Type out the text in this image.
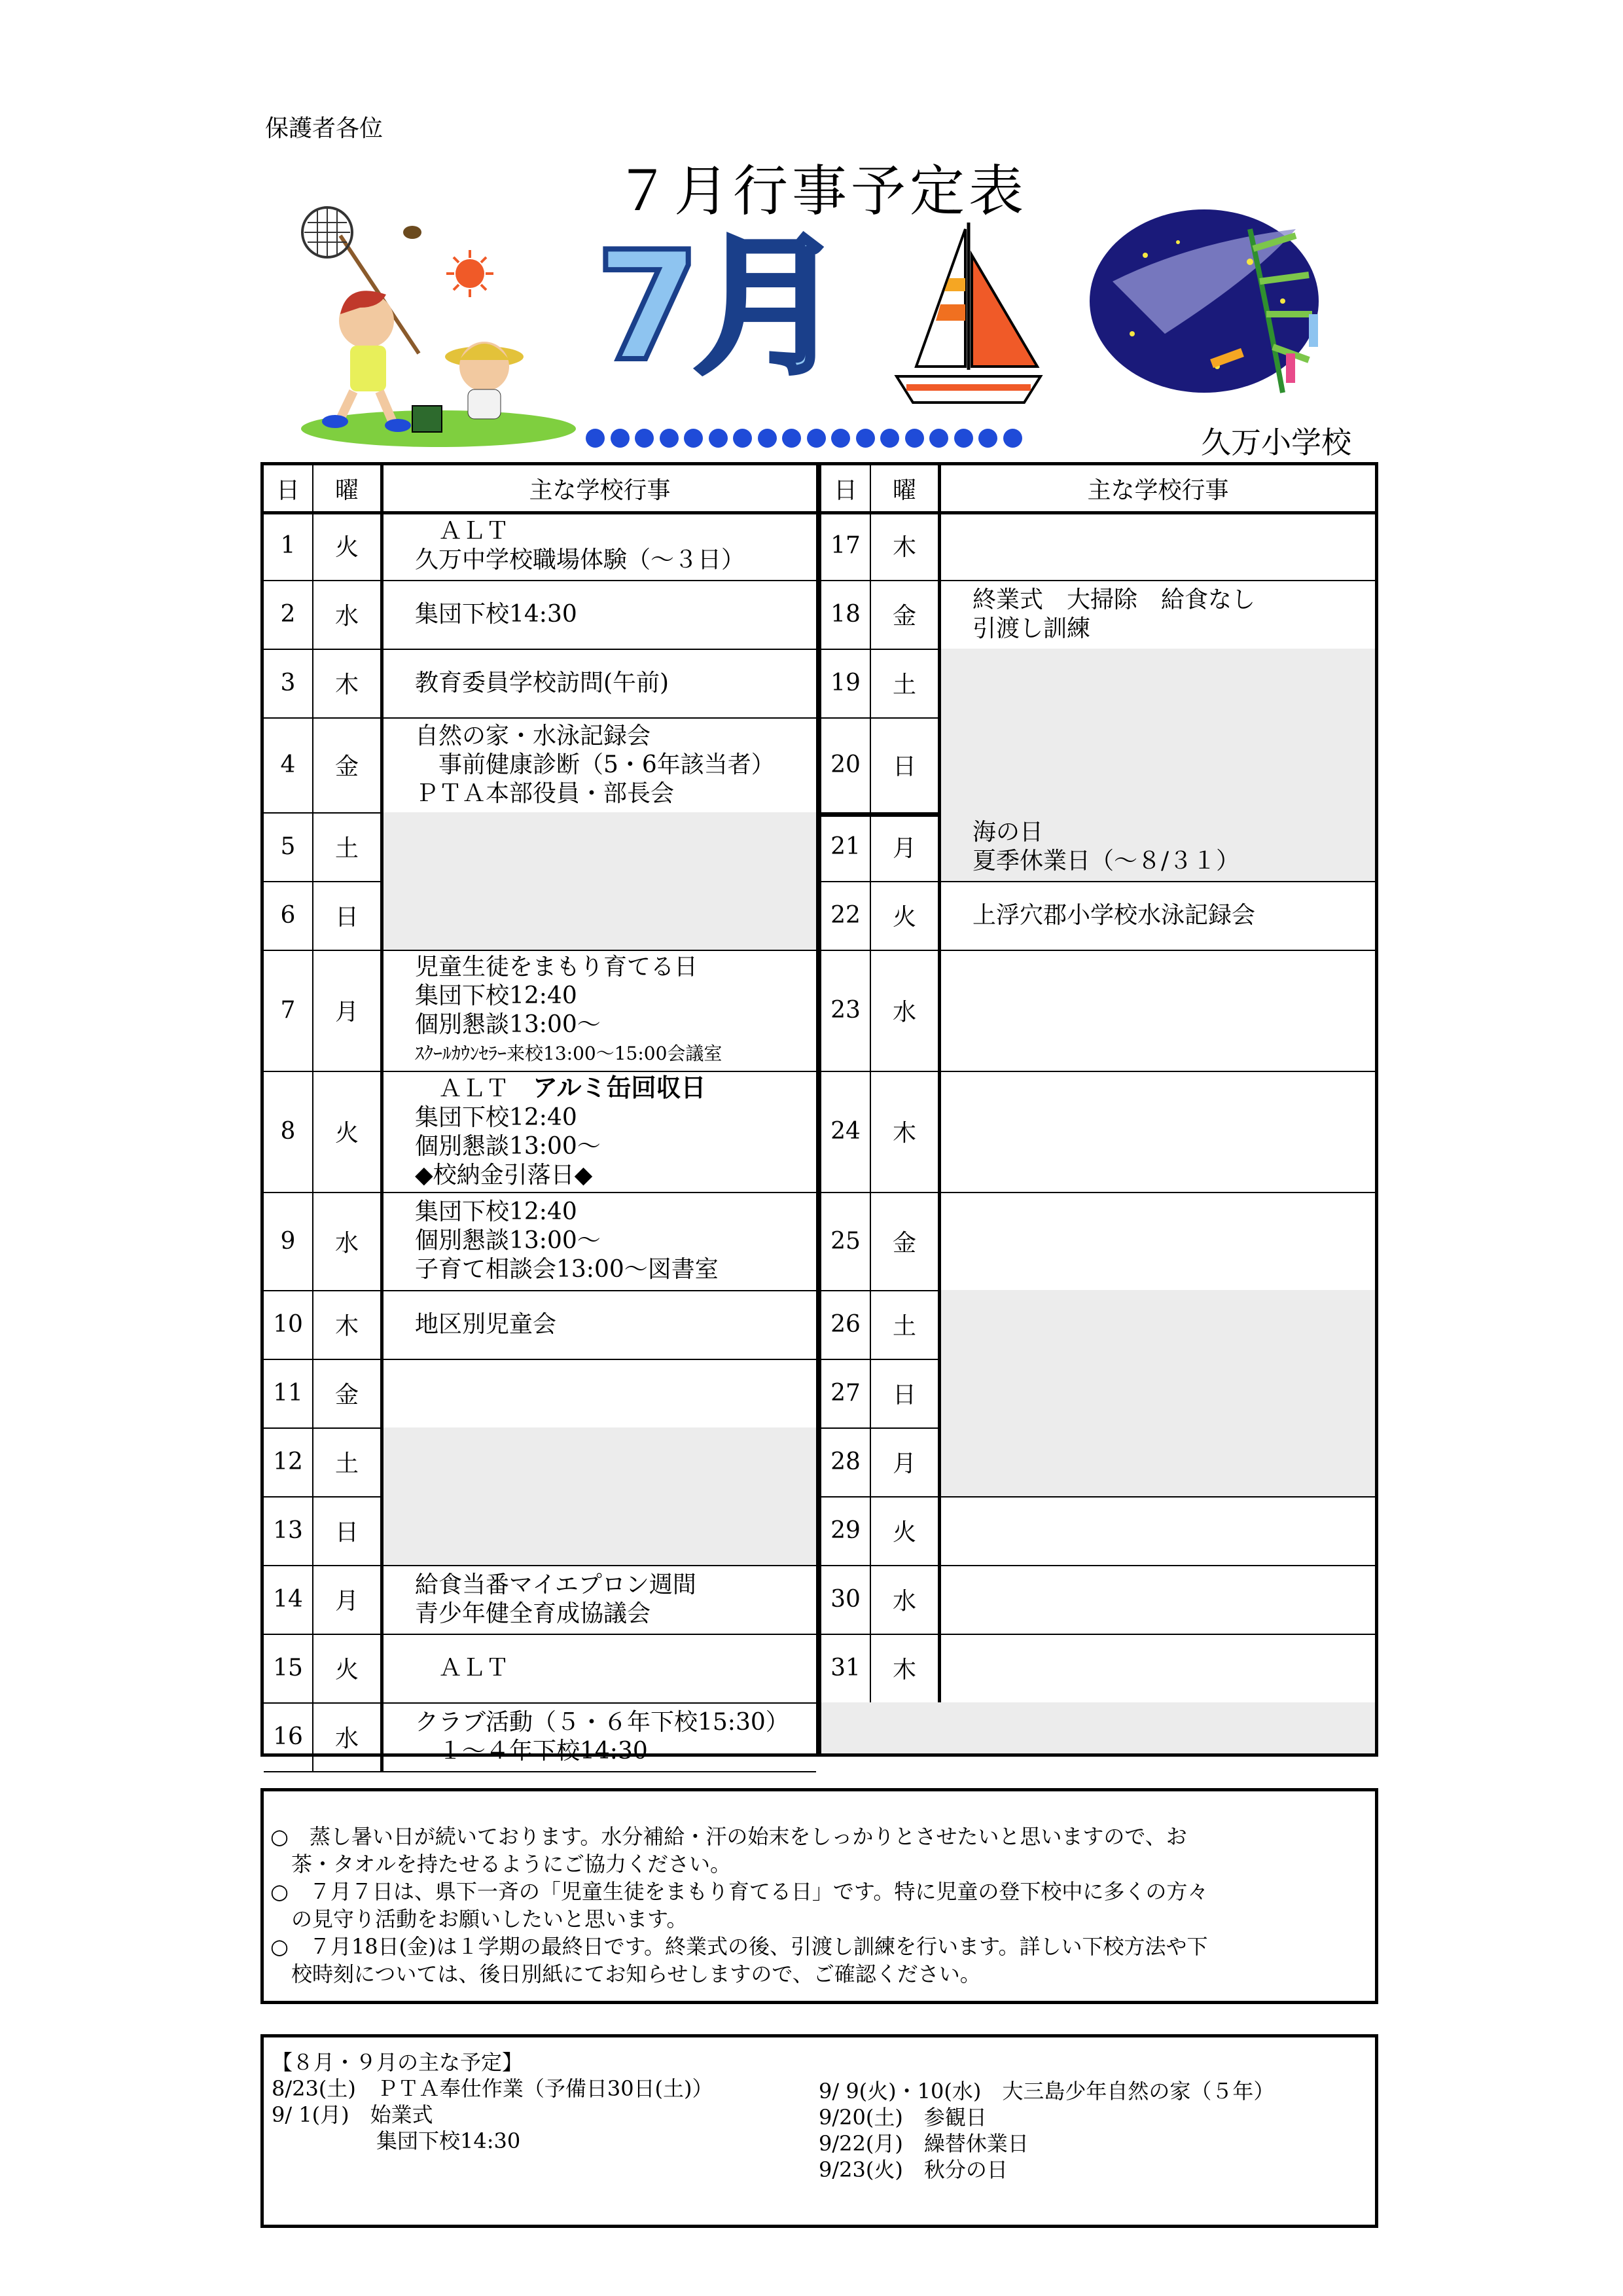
保護者各位
７月行事予定表
7月
久万小学校
日	曜	主な学校行事
1	火
　ＡＬＴ
久万中学校職場体験（～３日）
2	水	集団下校14:30
3	木	教育委員学校訪問(午前)
4	金
自然の家・水泳記録会
　事前健康診断（5・6年該当者）
ＰＴＡ本部役員・部長会
5	土
6	日
7	月
児童生徒をまもり育てる日
集団下校12:40
個別懇談13:00～
ｽｸｰﾙｶｳﾝｾﾗｰ来校13:00～15:00会議室
8	火
　ＡＬＴ アルミ缶回収日
集団下校12:40
個別懇談13:00～
◆校納金引落日◆
9	水
集団下校12:40
個別懇談13:00～
子育て相談会13:00～図書室
10	木	地区別児童会
11	金
12	土
13	日
14	月
給食当番マイエプロン週間
青少年健全育成協議会
15	火	　ＡＬＴ
16	水
クラブ活動（５・６年下校15:30）
　１～４年下校14:30
日	曜	主な学校行事
17	木
18	金
終業式　大掃除　給食なし
引渡し訓練
19	土
20	日
21	月
海の日
夏季休業日（～８/３１）
22	火	上浮穴郡小学校水泳記録会
23	水
24	木
25	金
26	土
27	日
28	月
29	火
30	水
31	木

○　蒸し暑い日が続いております。水分補給・汗の始末をしっかりとさせたいと思いますので、お

　茶・タオルを持たせるようにご協力ください。

○　７月７日は、県下一斉の「児童生徒をまもり育てる日」です。特に児童の登下校中に多くの方々

　の見守り活動をお願いしたいと思います。

○　７月18日(金)は１学期の最終日です。終業式の後、引渡し訓練を行います。詳しい下校方法や下

　校時刻については、後日別紙にてお知らせしますので、ご確認ください。

【８月・９月の主な予定】

8/23(土)　ＰＴＡ奉仕作業（予備日30日(土)）

9/ 1(月)　始業式

　　　　　集団下校14:30

9/ 9(火)・10(水)　大三島少年自然の家（５年）

9/20(土)　参観日

9/22(月)　繰替休業日

9/23(火)　秋分の日
